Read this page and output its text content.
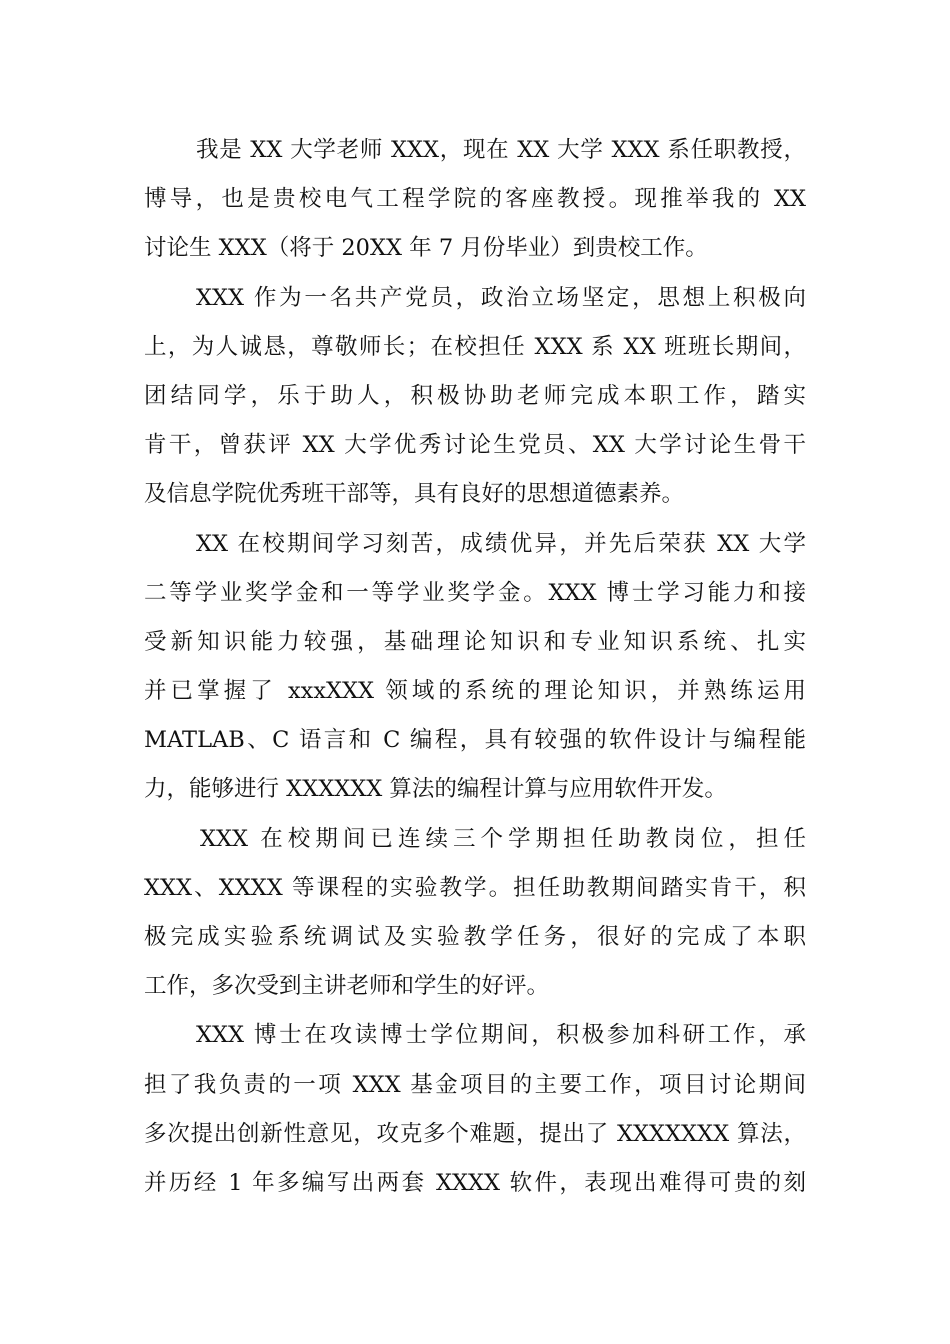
我是 XX 大学老师 XXX，现在 XX 大学 XXX 系任职教授，
博导，也是贵校电气工程学院的客座教授。现推举我的 XX
讨论生 XXX（将于 20XX 年 7 月份毕业）到贵校工作。
XXX 作为一名共产党员，政治立场坚定，思想上积极向
上，为人诚恳，尊敬师长；在校担任 XXX 系 XX 班班长期间，
团结同学，乐于助人，积极协助老师完成本职工作，踏实
肯干，曾获评 XX 大学优秀讨论生党员、XX 大学讨论生骨干
及信息学院优秀班干部等，具有良好的思想道德素养。
XX 在校期间学习刻苦，成绩优异，并先后荣获 XX 大学
二等学业奖学金和一等学业奖学金。XXX 博士学习能力和接
受新知识能力较强，基础理论知识和专业知识系统、扎实
并已掌握了 xxxXXX 领域的系统的理论知识，并熟练运用
MATLAB、C 语言和 C 编程，具有较强的软件设计与编程能
力，能够进行 XXXXXX 算法的编程计算与应用软件开发。
XXX 在校期间已连续三个学期担任助教岗位，担任
XXX、XXXX 等课程的实验教学。担任助教期间踏实肯干，积
极完成实验系统调试及实验教学任务，很好的完成了本职
工作，多次受到主讲老师和学生的好评。
XXX 博士在攻读博士学位期间，积极参加科研工作，承
担了我负责的一项 XXX 基金项目的主要工作，项目讨论期间
多次提出创新性意见，攻克多个难题，提出了 XXXXXXX 算法，
并历经 1 年多编写出两套 XXXX 软件，表现出难得可贵的刻
